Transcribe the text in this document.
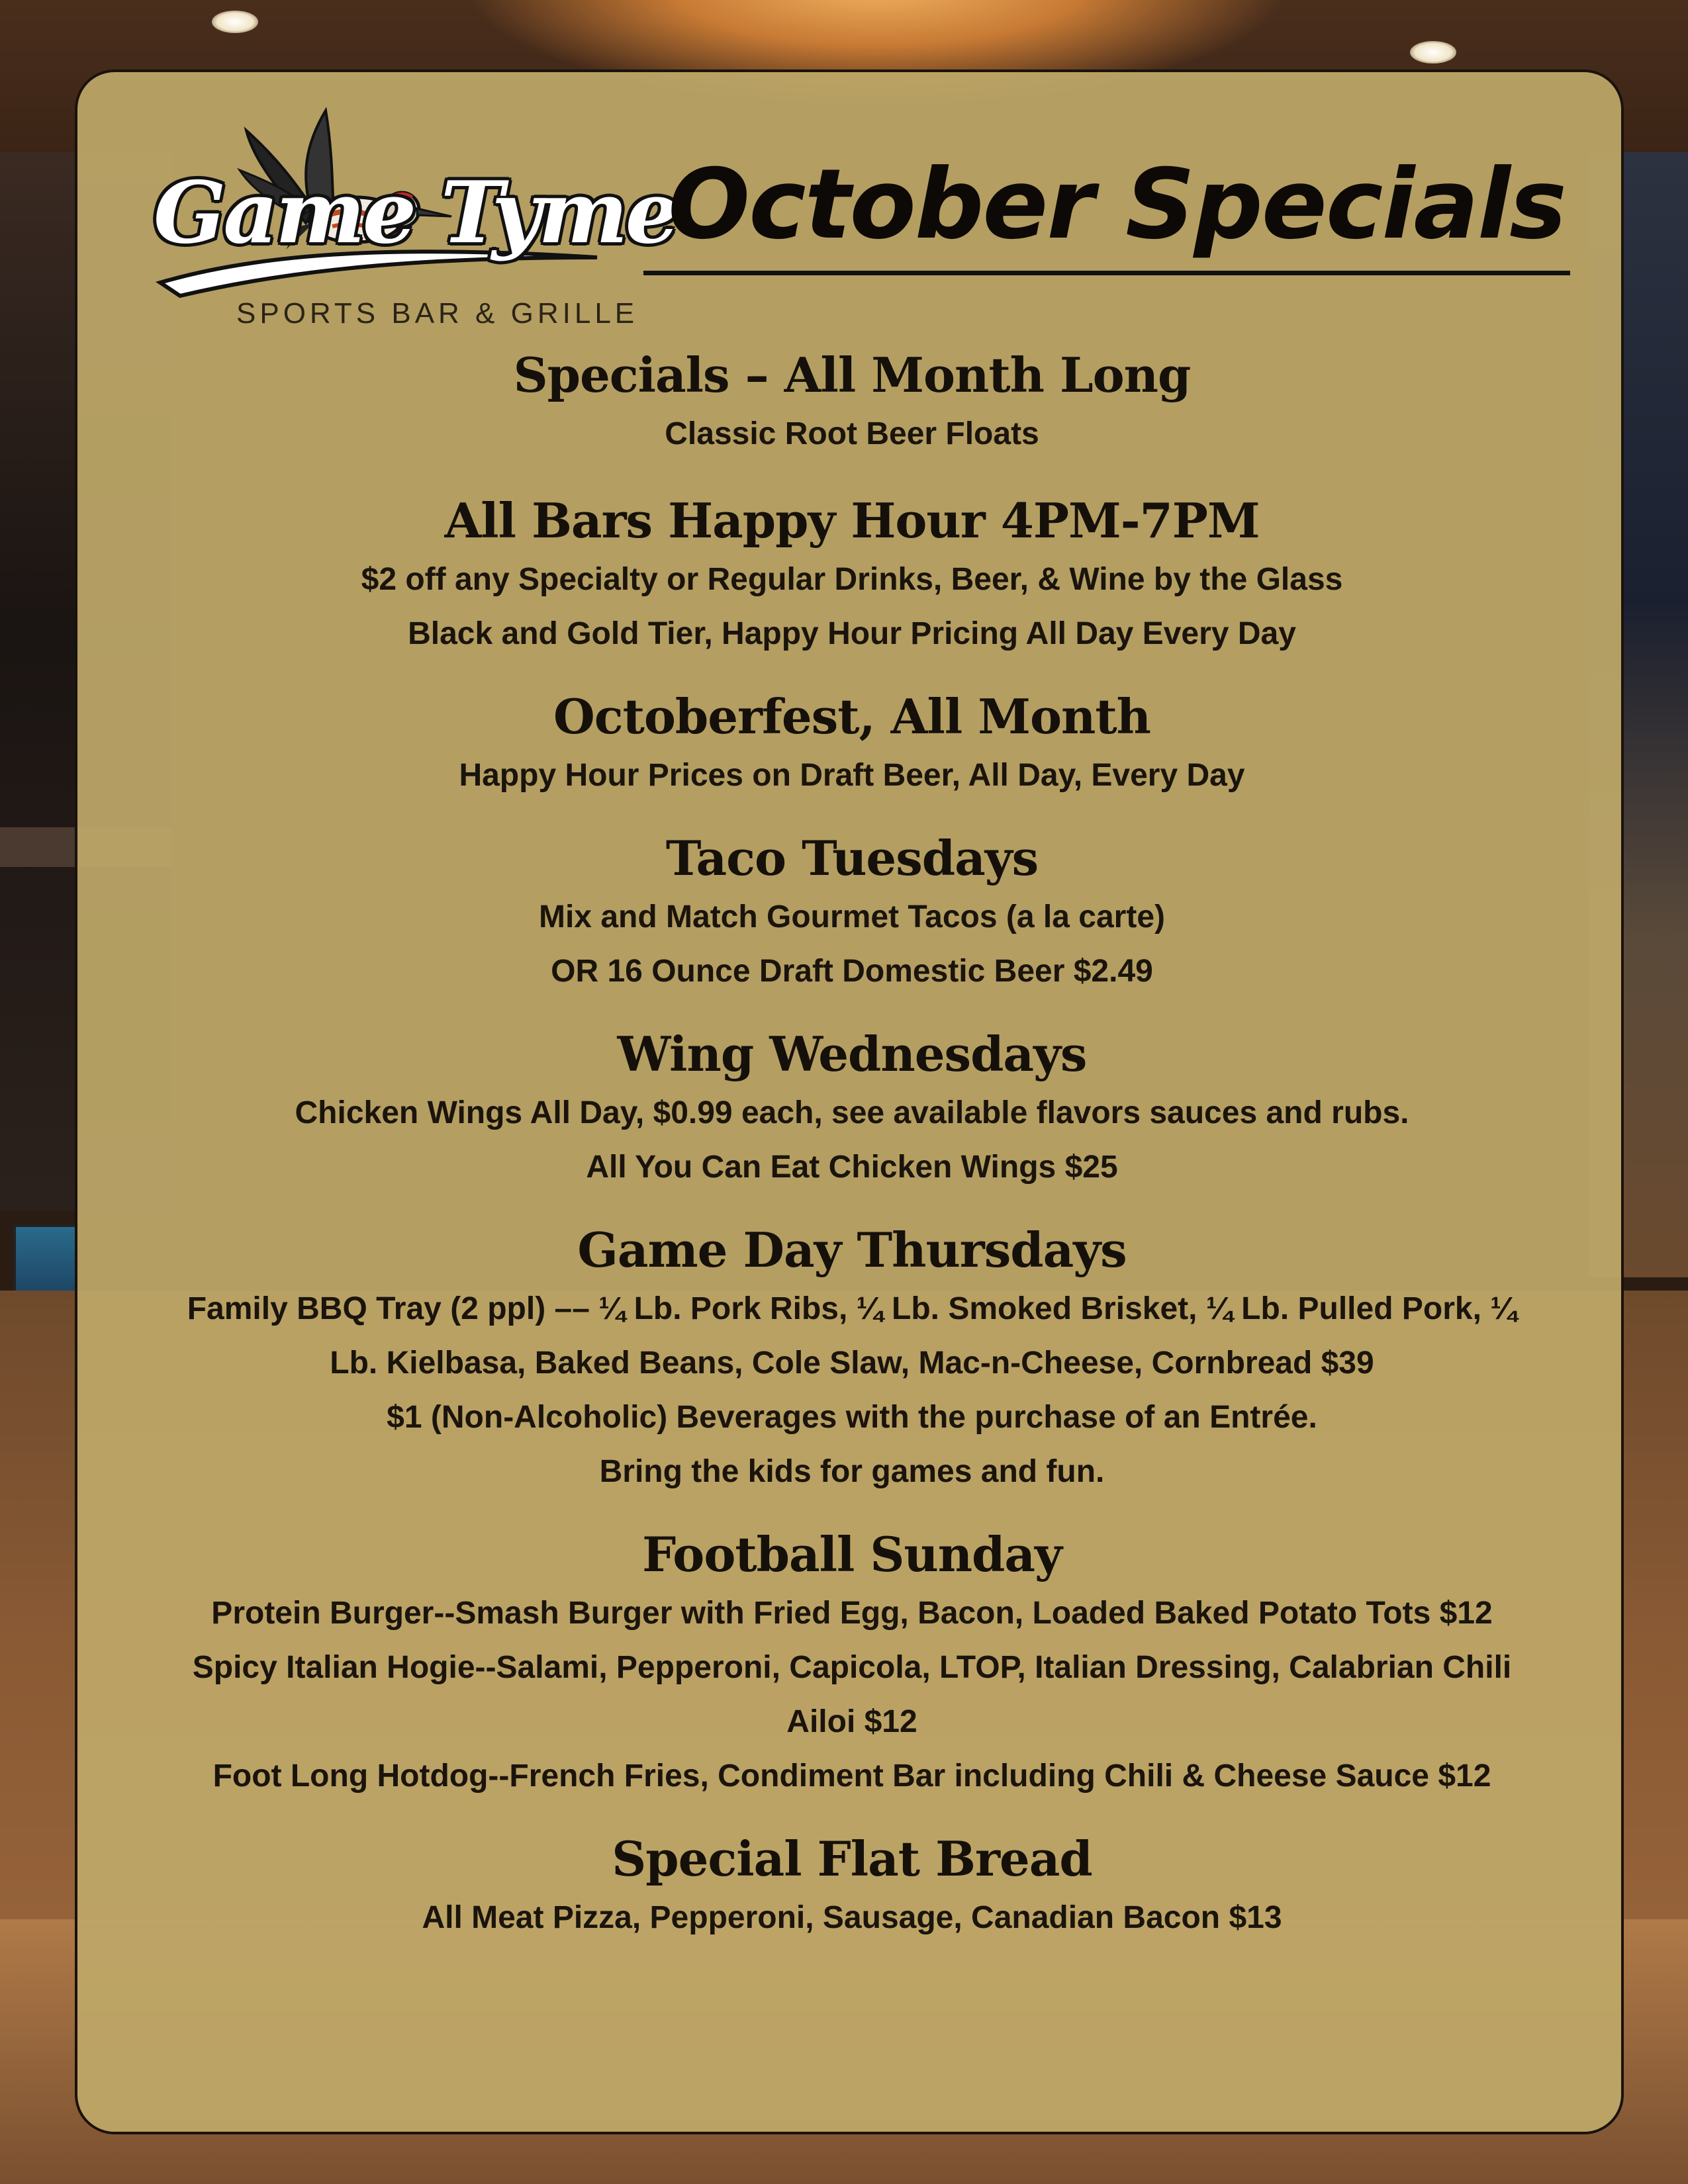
Game Tyme
SPORTS BAR & GRILLE
October Specials
Specials – All Month Long
Classic Root Beer Floats
All Bars Happy Hour 4PM-7PM
$2 off any Specialty or Regular Drinks, Beer, & Wine by the Glass
Black and Gold Tier, Happy Hour Pricing All Day Every Day
Octoberfest, All Month
Happy Hour Prices on Draft Beer, All Day, Every Day
Taco Tuesdays
Mix and Match Gourmet Tacos (a la carte)
OR 16 Ounce Draft Domestic Beer $2.49
Wing Wednesdays
Chicken Wings All Day, $0.99 each, see available flavors sauces and rubs.
All You Can Eat Chicken Wings $25
Game Day Thursdays
Family BBQ Tray (2 ppl) –– ¼ Lb. Pork Ribs, ¼ Lb. Smoked Brisket, ¼ Lb. Pulled Pork, ¼
Lb. Kielbasa, Baked Beans, Cole Slaw, Mac-n-Cheese, Cornbread $39
$1 (Non-Alcoholic) Beverages with the purchase of an Entrée.
Bring the kids for games and fun.
Football Sunday
Protein Burger--Smash Burger with Fried Egg, Bacon, Loaded Baked Potato Tots $12
Spicy Italian Hogie--Salami, Pepperoni, Capicola, LTOP, Italian Dressing, Calabrian Chili
Ailoi $12
Foot Long Hotdog--French Fries, Condiment Bar including Chili & Cheese Sauce $12
Special Flat Bread
All Meat Pizza, Pepperoni, Sausage, Canadian Bacon $13
